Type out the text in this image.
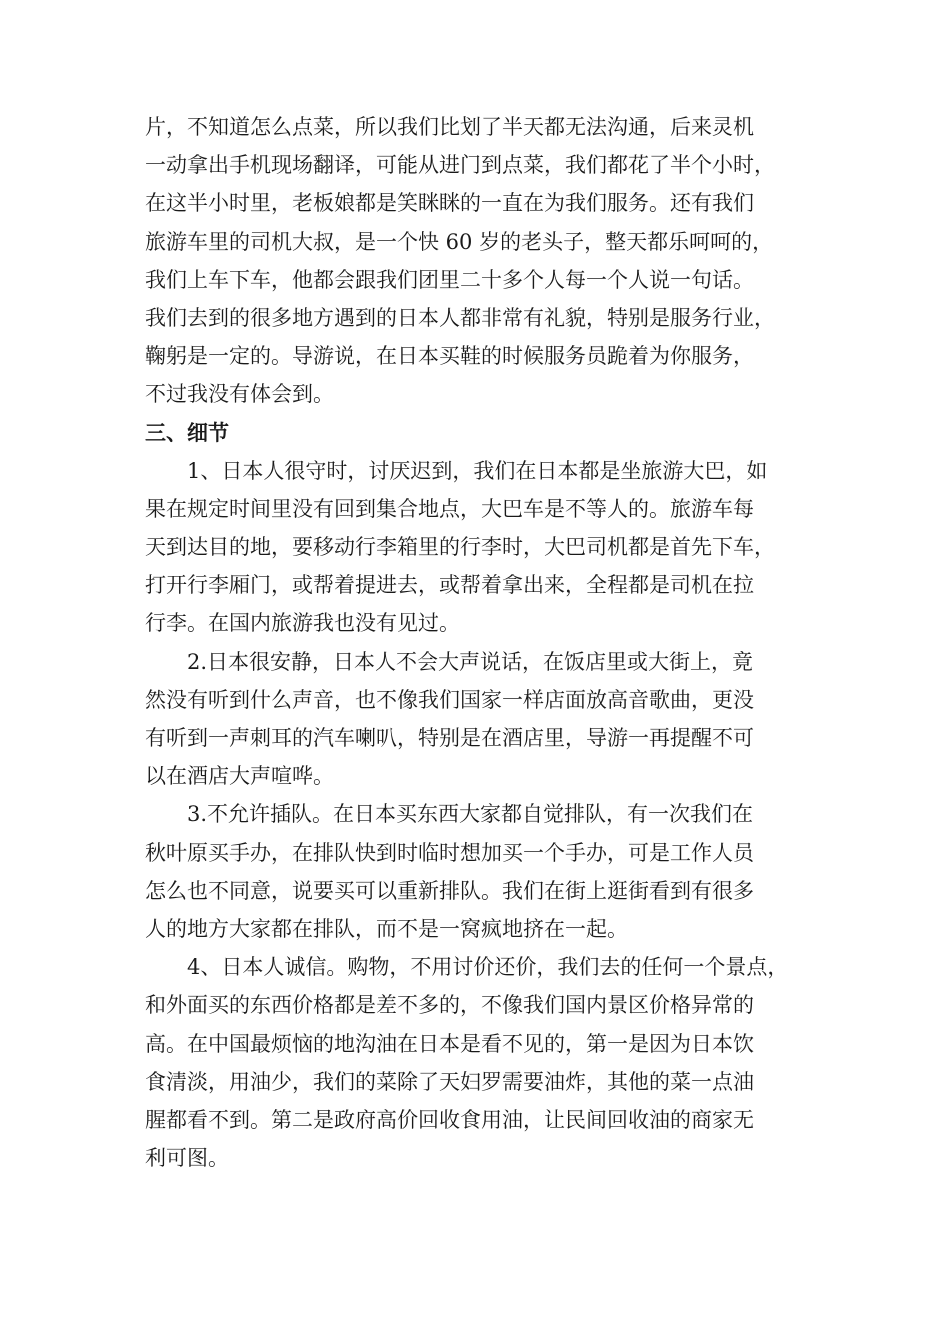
片，不知道怎么点菜，所以我们比划了半天都无法沟通，后来灵机
一动拿出手机现场翻译，可能从进门到点菜，我们都花了半个小时，
在这半小时里，老板娘都是笑眯眯的一直在为我们服务。还有我们
旅游车里的司机大叔，是一个快 60 岁的老头子，整天都乐呵呵的，
我们上车下车，他都会跟我们团里二十多个人每一个人说一句话。
我们去到的很多地方遇到的日本人都非常有礼貌，特别是服务行业，
鞠躬是一定的。导游说，在日本买鞋的时候服务员跪着为你服务，
不过我没有体会到。
三、细节
1、日本人很守时，讨厌迟到，我们在日本都是坐旅游大巴，如
果在规定时间里没有回到集合地点，大巴车是不等人的。旅游车每
天到达目的地，要移动行李箱里的行李时，大巴司机都是首先下车，
打开行李厢门，或帮着提进去，或帮着拿出来，全程都是司机在拉
行李。在国内旅游我也没有见过。
2.日本很安静，日本人不会大声说话，在饭店里或大街上，竟
然没有听到什么声音，也不像我们国家一样店面放高音歌曲，更没
有听到一声刺耳的汽车喇叭，特别是在酒店里，导游一再提醒不可
以在酒店大声喧哗。
3.不允许插队。在日本买东西大家都自觉排队，有一次我们在
秋叶原买手办，在排队快到时临时想加买一个手办，可是工作人员
怎么也不同意，说要买可以重新排队。我们在街上逛街看到有很多
人的地方大家都在排队，而不是一窝疯地挤在一起。
4、日本人诚信。购物，不用讨价还价，我们去的任何一个景点，
和外面买的东西价格都是差不多的，不像我们国内景区价格异常的
高。在中国最烦恼的地沟油在日本是看不见的，第一是因为日本饮
食清淡，用油少，我们的菜除了天妇罗需要油炸，其他的菜一点油
腥都看不到。第二是政府高价回收食用油，让民间回收油的商家无
利可图。
